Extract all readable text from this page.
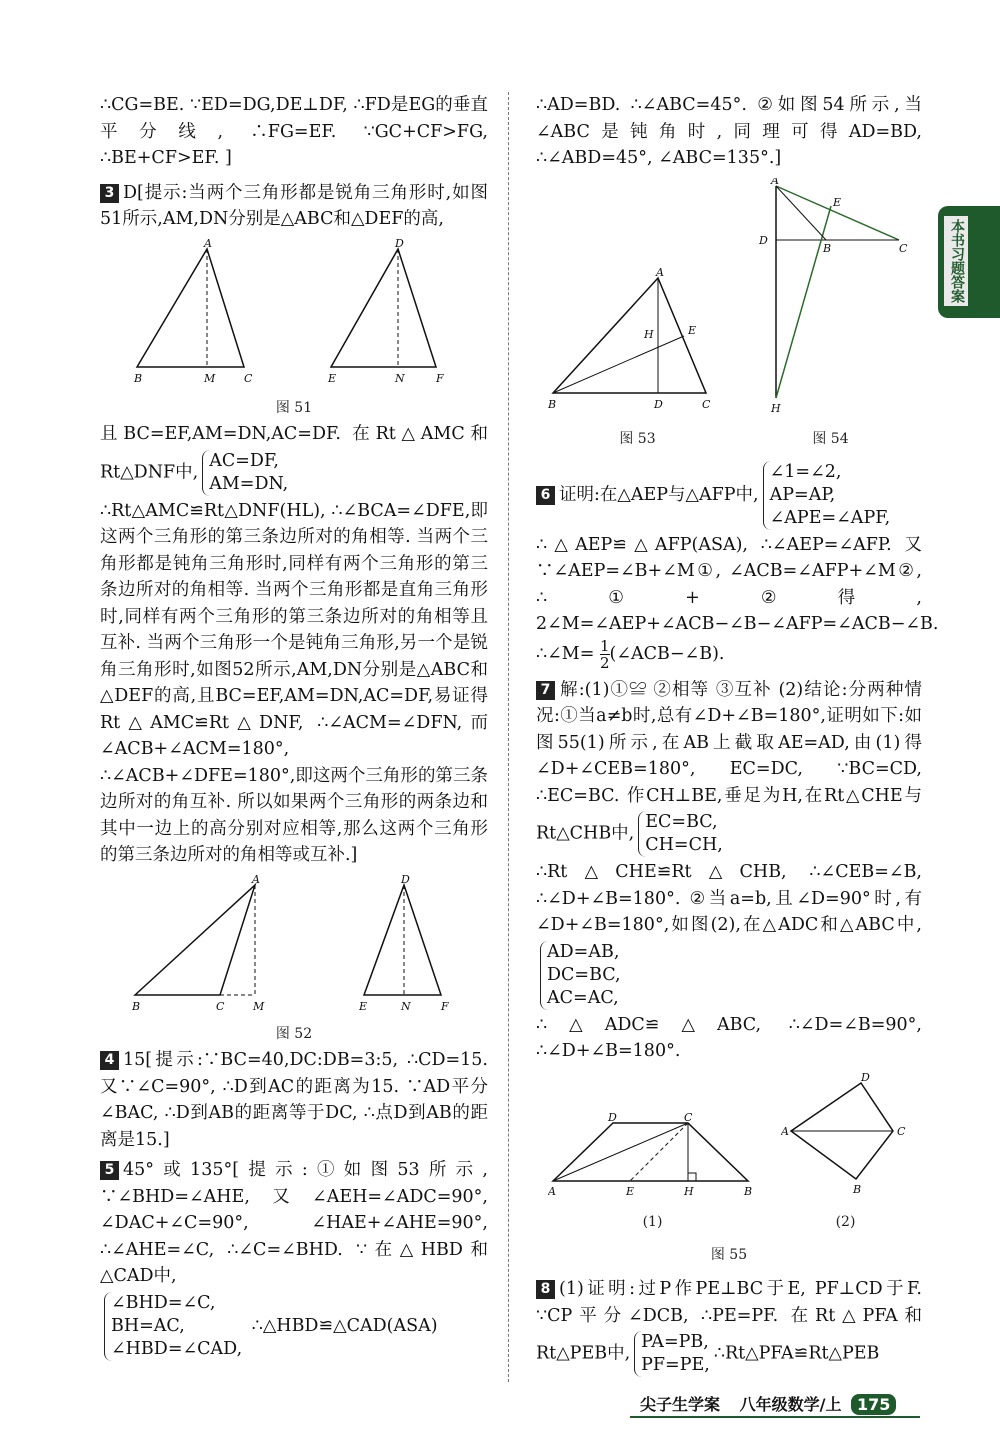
∴CG=BE. ∵ED=DG,DE⊥DF, ∴FD是EG的垂直平分线, ∴FG=EF. ∵GC+CF>FG, ∴BE+CF>EF. ]

3 D[提示:当两个三角形都是锐角三角形时,如图51所示,AM,DN分别是△ABC和△DEF的高,

A
B	M	C
D
E	N	F
图 51

且BC=EF,AM=DN,AC=DF. 在Rt△AMC和Rt△DNF中,AC=DF,
AM=DN,

∴Rt△AMC≌Rt△DNF(HL), ∴∠BCA=∠DFE,即这两个三角形的第三条边所对的角相等. 当两个三角形都是钝角三角形时,同样有两个三角形的第三条边所对的角相等. 当两个三角形都是直角三角形时,同样有两个三角形的第三条边所对的角相等且互补. 当两个三角形一个是钝角三角形,另一个是锐角三角形时,如图52所示,AM,DN分别是△ABC和△DEF的高,且BC=EF,AM=DN,AC=DF,易证得Rt△AMC≌Rt△DNF, ∴∠ACM=∠DFN,而∠ACB+∠ACM=180°, ∴∠ACB+∠DFE=180°,即这两个三角形的第三条边所对的角互补. 所以如果两个三角形的两条边和其中一边上的高分别对应相等,那么这两个三角形的第三条边所对的角相等或互补.]

A
B	C	M
D
E	N	F
图 52

4 15[提示:∵BC=40,DC:DB=3:5, ∴CD=15. 又∵∠C=90°, ∴D到AC的距离为15. ∵AD平分∠BAC, ∴D到AB的距离等于DC, ∴点D到AB的距离是15.]

5 45°或135°[提示:①如图53所示, ∵∠BHD=∠AHE,又∠AEH=∠ADC=90°, ∠DAC+∠C=90°, ∠HAE+∠AHE=90°, ∴∠AHE=∠C, ∴∠C=∠BHD. ∵在△HBD和△CAD中,

∠BHD=∠C,
BH=AC,
∠HBD=∠CAD, ∴△HBD≌△CAD(ASA)

∴AD=BD. ∴∠ABC=45°. ②如图54所示,当∠ABC是钝角时,同理可得AD=BD, ∴∠ABD=45°, ∠ABC=135°.]

A
B	D	C
H	E
图 53
A
D
B	C
E
H
图 54

6 证明:在△AEP与△AFP中,∠1=∠2,
AP=AP,
∠APE=∠APF,

∴△AEP≌△AFP(ASA), ∴∠AEP=∠AFP. 又∵∠AEP=∠B+∠M①, ∠ACB=∠AFP+∠M②, ∴①+②得, 2∠M=∠AEP+∠ACB−∠B−∠AFP=∠ACB−∠B. ∴∠M= $\frac{1}{2}$ (∠ACB−∠B).

7 解:(1)①≌ ②相等 ③互补 (2)结论:分两种情况:①当a≠b时,总有∠D+∠B=180°,证明如下:如图55(1)所示,在AB上截取AE=AD,由(1)得∠D+∠CEB=180°, EC=DC, ∵BC=CD, ∴EC=BC. 作CH⊥BE,垂足为H,在Rt△CHE与Rt△CHB中,EC=BC,
CH=CH,

∴Rt△CHE≌Rt△CHB, ∴∠CEB=∠B, ∴∠D+∠B=180°. ②当a=b,且∠D=90°时,有∠D+∠B=180°,如图(2),在△ADC和△ABC中,AD=AB,
DC=BC,
AC=AC,

∴△ADC≌△ABC, ∴∠D=∠B=90°, ∴∠D+∠B=180°.

A
D	C
E	H	B
(1)
A
D
C
B
(2)
图 55

8 (1)证明:过P作PE⊥BC于E, PF⊥CD于F. ∵CP平分∠DCB, ∴PE=PF. 在Rt△PFA和Rt△PEB中,PA=PB,
PF=PE,∴Rt△PFA≌Rt△PEB

本书习题答案
尖子生学案 八年级数学/上 175
